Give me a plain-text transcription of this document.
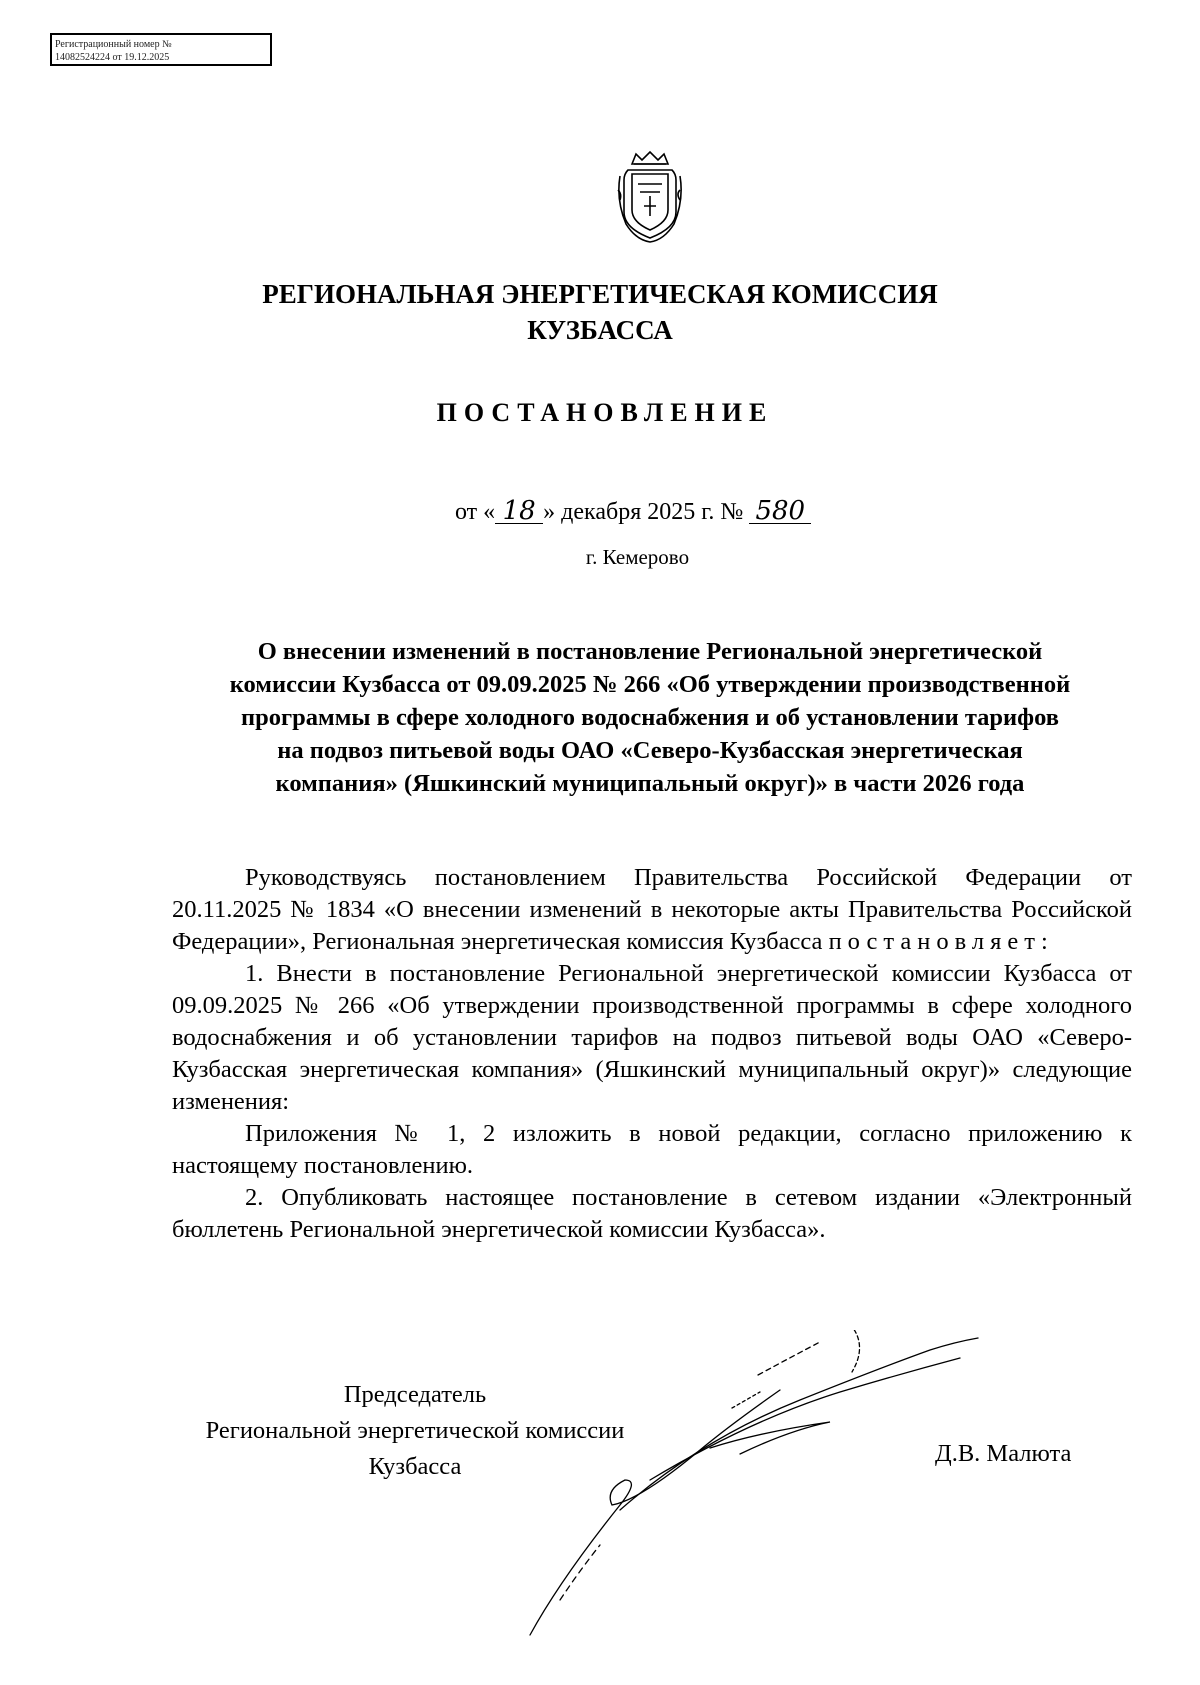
Регистрационный номер №
14082524224 от 19.12.2025
РЕГИОНАЛЬНАЯ ЭНЕРГЕТИЧЕСКАЯ КОМИССИЯ
КУЗБАССА
ПОСТАНОВЛЕНИЕ
от « 18 » декабря 2025 г. № 580
г. Кемерово
О внесении изменений в постановление Региональной энергетической
комиссии Кузбасса от 09.09.2025 № 266 «Об утверждении производственной
программы в сфере холодного водоснабжения и об установлении тарифов
на подвоз питьевой воды ОАО «Северо-Кузбасская энергетическая
компания» (Яшкинский муниципальный округ)» в части 2026 года

Руководствуясь постановлением Правительства Российской Федерации от 20.11.2025 № 1834 «О внесении изменений в некоторые акты Правительства Российской Федерации», Региональная энергетическая комиссия Кузбасса постановляет:

1. Внести в постановление Региональной энергетической комиссии Кузбасса от 09.09.2025 № 266 «Об утверждении производственной программы в сфере холодного водоснабжения и об установлении тарифов на подвоз питьевой воды ОАО «Северо-Кузбасская энергетическая компания» (Яшкинский муниципальный округ)» следующие изменения:

Приложения № 1, 2 изложить в новой редакции, согласно приложению к настоящему постановлению.

2. Опубликовать настоящее постановление в сетевом издании «Электронный бюллетень Региональной энергетической комиссии Кузбасса».

Председатель
Региональной энергетической комиссии
Кузбасса	Д.В. Малюта
